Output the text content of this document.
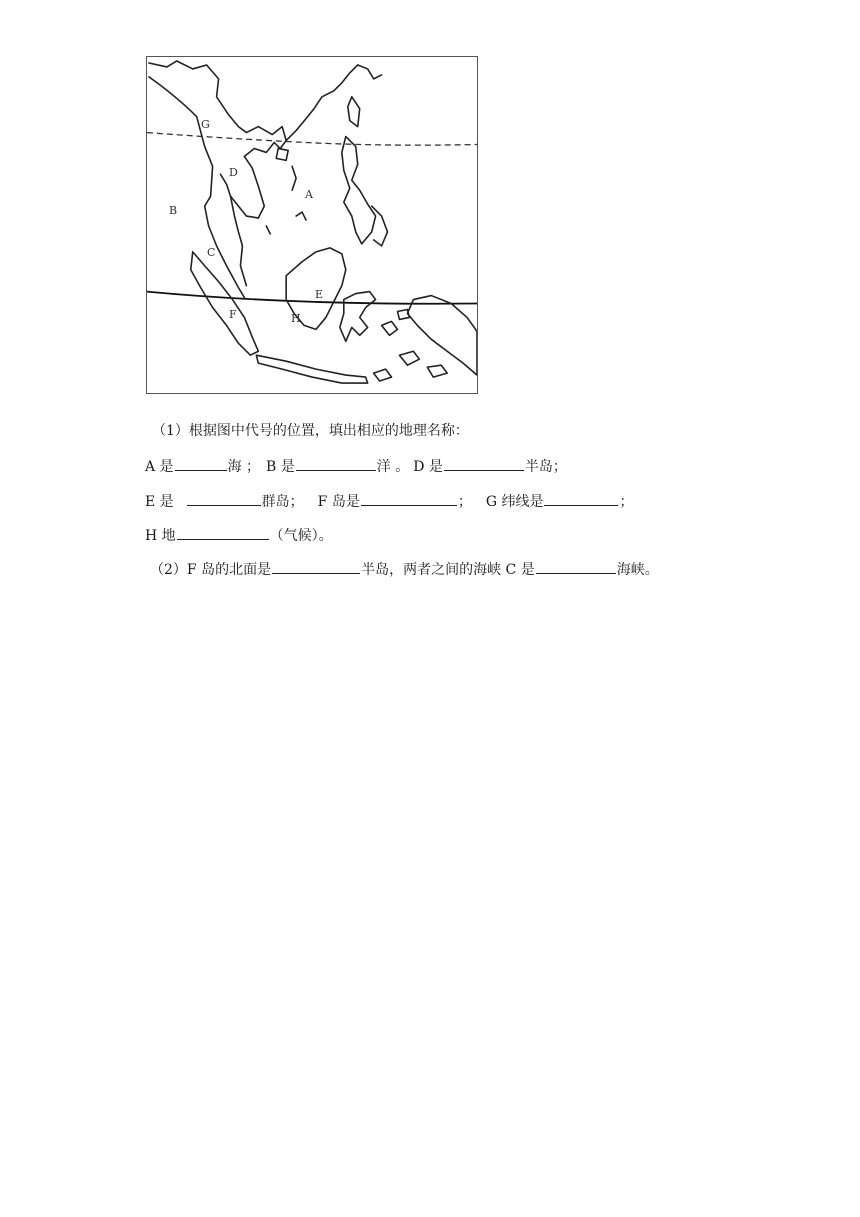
G
D
A
B
C
E
F	H
（1）根据图中代号的位置，填出相应的地理名称：
A 是	海 ； B 是	洋 。 D 是	半岛；
E 是	群岛； F 岛是	； G 纬线是	；
H 地	（气候）。
（2）F 岛的北面是	半岛，两者之间的海峡 C 是	海峡。
